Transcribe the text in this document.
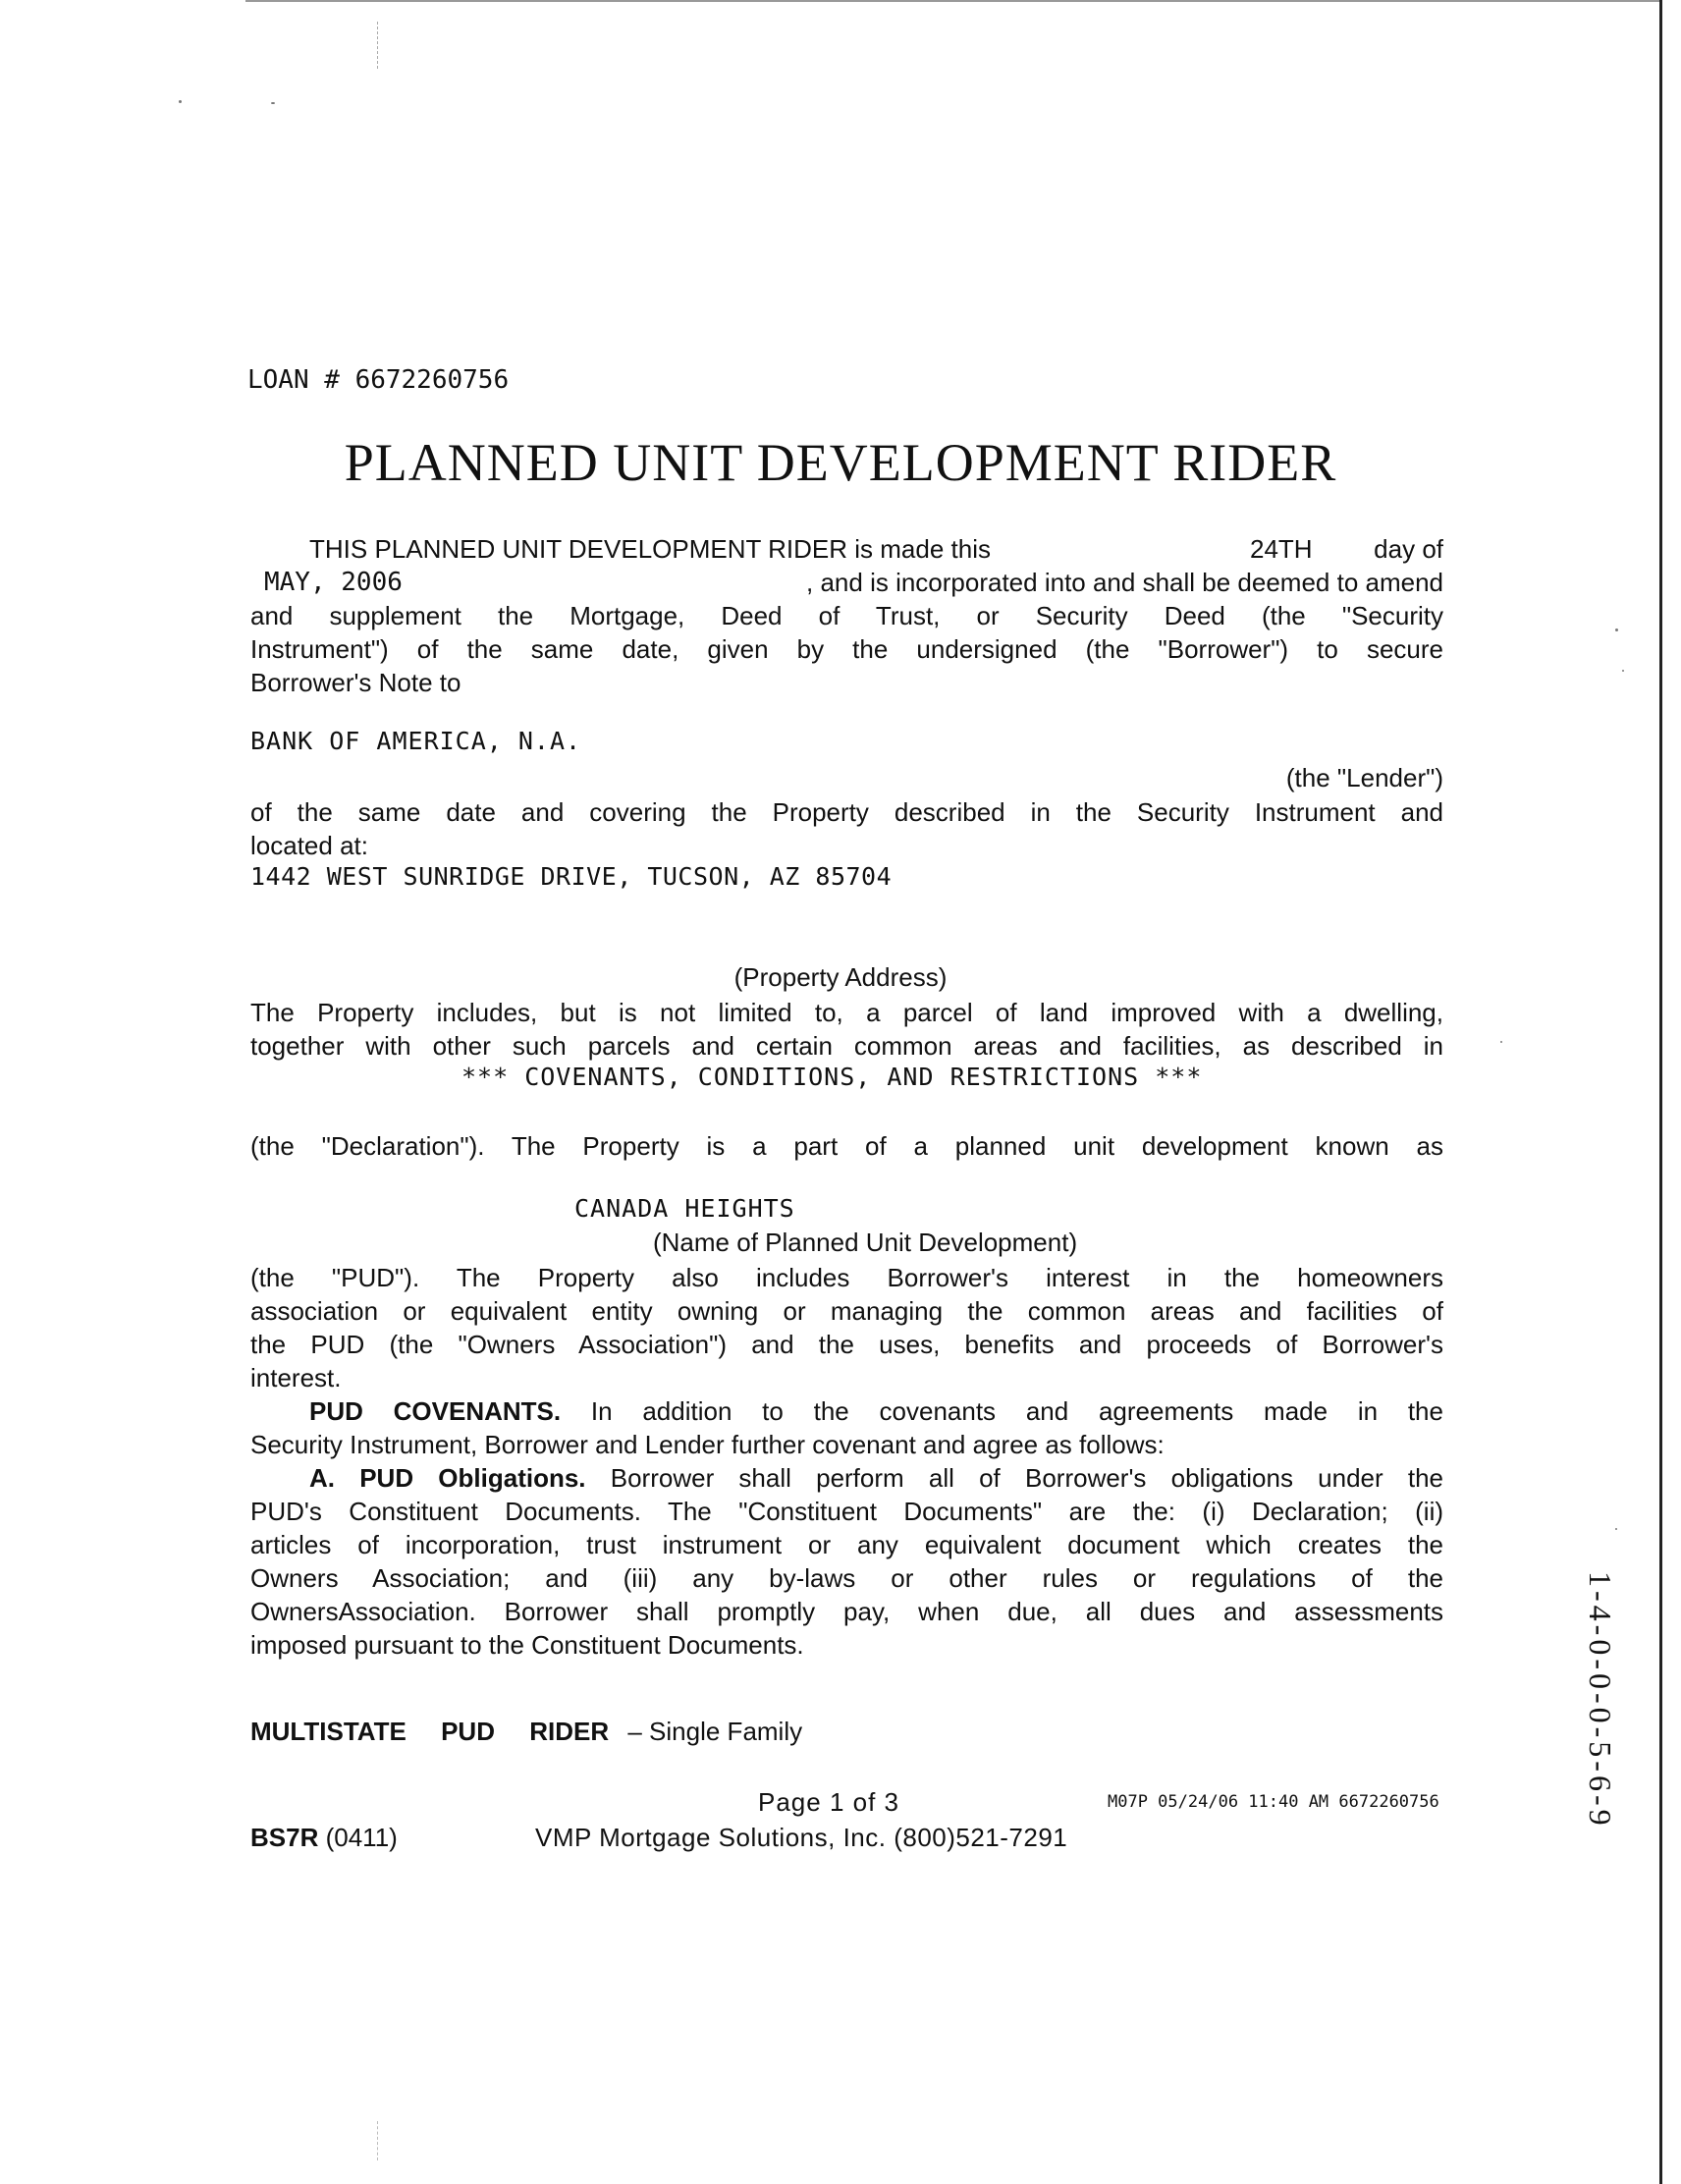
LOAN # 6672260756
PLANNED UNIT DEVELOPMENT RIDER
THIS PLANNED UNIT DEVELOPMENT RIDER is made this	24TH day of
MAY, 2006	, and is incorporated into and shall be deemed to amend
and supplement the Mortgage, Deed of Trust, or Security Deed (the "Security
Instrument") of the same date, given by the undersigned (the "Borrower") to secure
Borrower's Note to
BANK OF AMERICA, N.A.
(the "Lender")
of the same date and covering the Property described in the Security Instrument and
located at:
1442 WEST SUNRIDGE DRIVE, TUCSON, AZ 85704
(Property Address)
The Property includes, but is not limited to, a parcel of land improved with a dwelling,
together with other such parcels and certain common areas and facilities, as described in
*** COVENANTS, CONDITIONS, AND RESTRICTIONS ***
(the "Declaration"). The Property is a part of a planned unit development known as
CANADA HEIGHTS
(Name of Planned Unit Development)
(the "PUD"). The Property also includes Borrower's interest in the homeowners
association or equivalent entity owning or managing the common areas and facilities of
the PUD (the "Owners Association") and the uses, benefits and proceeds of Borrower's
interest.
PUD COVENANTS. In addition to the covenants and agreements made in the
Security Instrument, Borrower and Lender further covenant and agree as follows:
A. PUD Obligations. Borrower shall perform all of Borrower's obligations under the
PUD's Constituent Documents. The "Constituent Documents" are the: (i) Declaration; (ii)
articles of incorporation, trust instrument or any equivalent document which creates the
Owners Association; and (iii) any by-laws or other rules or regulations of the
OwnersAssociation. Borrower shall promptly pay, when due, all dues and assessments
imposed pursuant to the Constituent Documents.
MULTISTATE PUD RIDER – Single Family
Page 1 of 3	M07P 05/24/06 11:40 AM 6672260756
BS7R (0411)	VMP Mortgage Solutions, Inc. (800)521-7291
1-4-0-0-0-5-6-9
